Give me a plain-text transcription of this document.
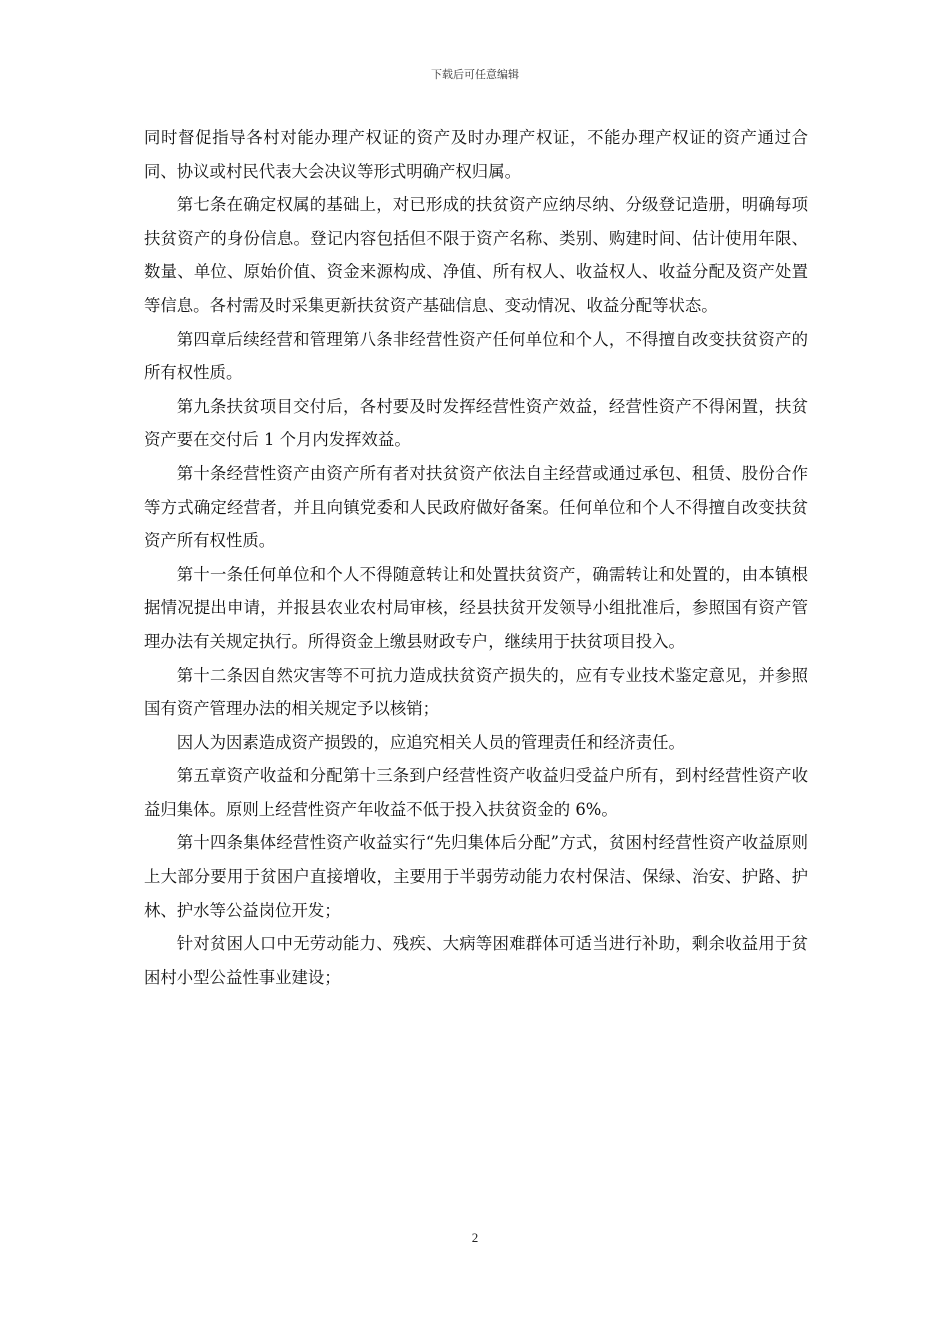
下载后可任意编辑

同时督促指导各村对能办理产权证的资产及时办理产权证，不能办理产权证的资产通过合同、协议或村民代表大会决议等形式明确产权归属。

第七条在确定权属的基础上，对已形成的扶贫资产应纳尽纳、分级登记造册，明确每项扶贫资产的身份信息。登记内容包括但不限于资产名称、类别、购建时间、估计使用年限、数量、单位、原始价值、资金来源构成、净值、所有权人、收益权人、收益分配及资产处置等信息。各村需及时采集更新扶贫资产基础信息、变动情况、收益分配等状态。

第四章后续经营和管理第八条非经营性资产任何单位和个人，不得擅自改变扶贫资产的所有权性质。

第九条扶贫项目交付后，各村要及时发挥经营性资产效益，经营性资产不得闲置，扶贫资产要在交付后 1 个月内发挥效益。

第十条经营性资产由资产所有者对扶贫资产依法自主经营或通过承包、租赁、股份合作等方式确定经营者，并且向镇党委和人民政府做好备案。任何单位和个人不得擅自改变扶贫资产所有权性质。

第十一条任何单位和个人不得随意转让和处置扶贫资产，确需转让和处置的，由本镇根据情况提出申请，并报县农业农村局审核，经县扶贫开发领导小组批准后，参照国有资产管理办法有关规定执行。所得资金上缴县财政专户，继续用于扶贫项目投入。

第十二条因自然灾害等不可抗力造成扶贫资产损失的，应有专业技术鉴定意见，并参照国有资产管理办法的相关规定予以核销；

因人为因素造成资产损毁的，应追究相关人员的管理责任和经济责任。

第五章资产收益和分配第十三条到户经营性资产收益归受益户所有，到村经营性资产收益归集体。原则上经营性资产年收益不低于投入扶贫资金的 6%。

第十四条集体经营性资产收益实行“先归集体后分配”方式，贫困村经营性资产收益原则上大部分要用于贫困户直接增收，主要用于半弱劳动能力农村保洁、保绿、治安、护路、护林、护水等公益岗位开发；

针对贫困人口中无劳动能力、残疾、大病等困难群体可适当进行补助，剩余收益用于贫困村小型公益性事业建设；

2
